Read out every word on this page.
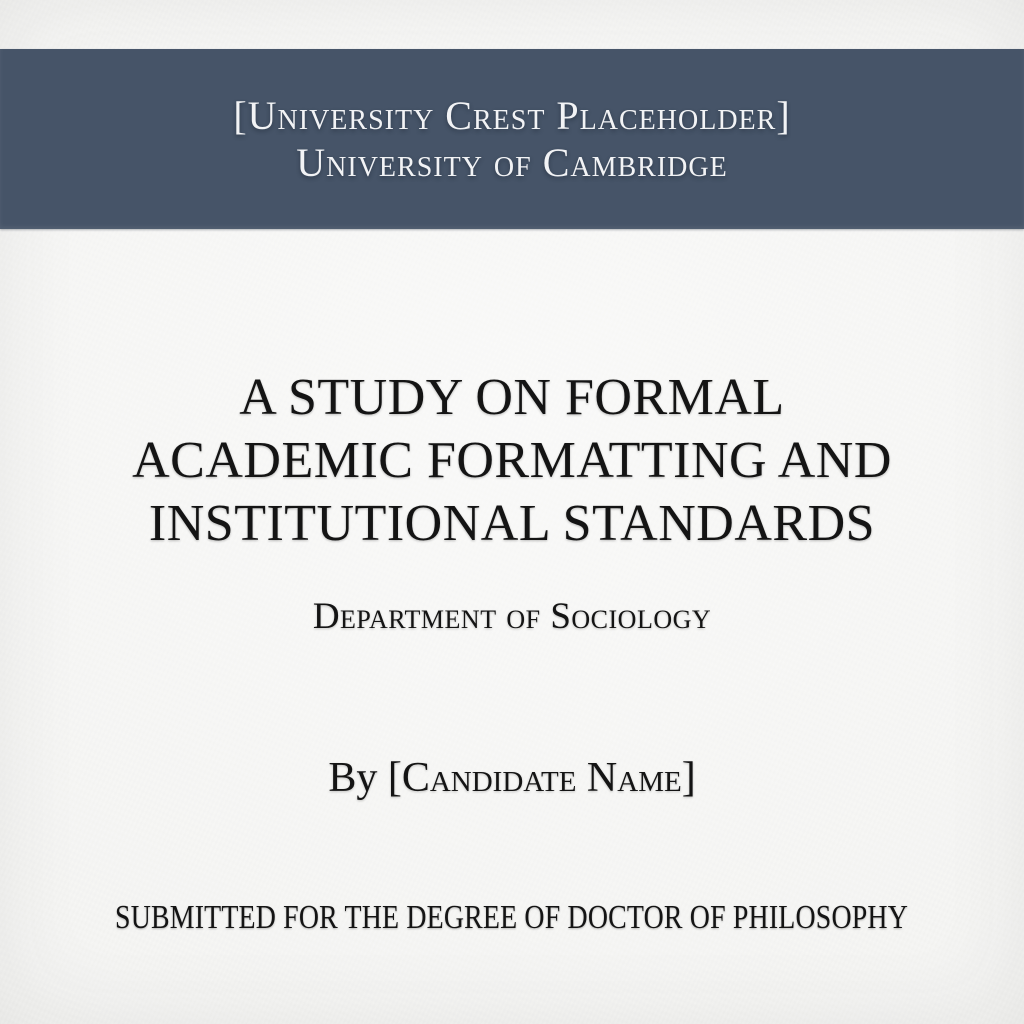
[University Crest Placeholder]
University of Cambridge
A STUDY ON FORMAL
ACADEMIC FORMATTING AND
INSTITUTIONAL STANDARDS
Department of Sociology
By [Candidate Name]
SUBMITTED FOR THE DEGREE OF DOCTOR OF PHILOSOPHY
